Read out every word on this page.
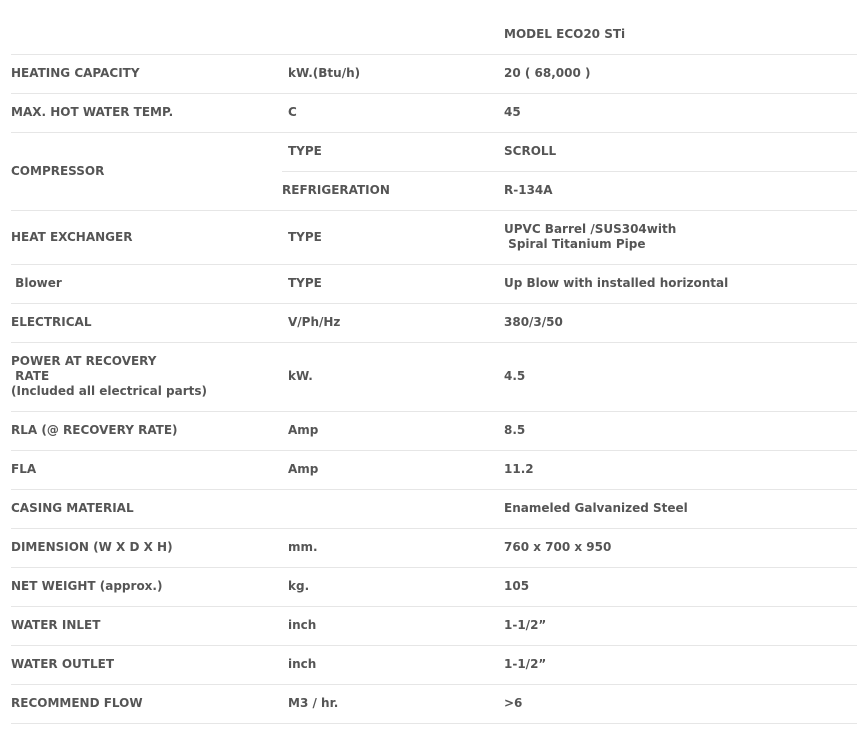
		MODEL ECO20 STi
HEATING CAPACITY	kW.(Btu/h)	20 ( 68,000 )
MAX. HOT WATER TEMP.	C	45
COMPRESSOR	TYPE	SCROLL
	REFRIGERATION	R-134A
HEAT EXCHANGER	TYPE	UPVC Barrel /SUS304with
Spiral Titanium Pipe
Blower	TYPE	Up Blow with installed horizontal
ELECTRICAL	V/Ph/Hz	380/3/50
POWER AT RECOVERY
RATE
(Included all electrical parts)	kW.	4.5
RLA (@ RECOVERY RATE)	Amp	8.5
FLA	Amp	11.2
CASING MATERIAL		Enameled Galvanized Steel
DIMENSION (W X D X H)	mm.	760 x 700 x 950
NET WEIGHT (approx.)	kg.	105
WATER INLET	inch	1-1/2”
WATER OUTLET	inch	1-1/2”
RECOMMEND FLOW	M3 / hr.	>6
